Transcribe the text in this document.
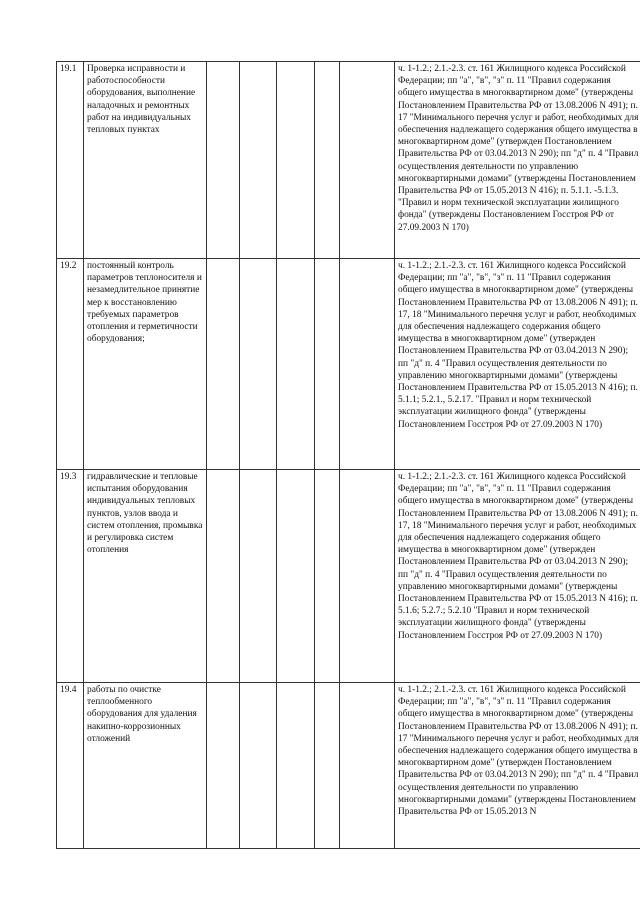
19.1	Проверка исправности и работоспособности оборудования, выполнение наладочных и ремонтных работ на индивидуальных тепловых пунктах						ч. 1-1.2.; 2.1.-2.3. ст. 161 Жилищного кодекса Российской Федерации; пп "а", "в", "з" п. 11 "Правил содержания общего имущества в многоквартирном доме" (утверждены Постановлением Правительства РФ от 13.08.2006 N 491); п. 17 "Минимального перечня услуг и работ, необходимых для обеспечения надлежащего содержания общего имущества в многоквартирном доме" (утвержден Постановлением Правительства РФ от 03.04.2013 N 290); пп "д" п. 4 "Правил осуществления деятельности по управлению многоквартирными домами" (утверждены Постановлением Правительства РФ от 15.05.2013 N 416); п. 5.1.1. -5.1.3. "Правил и норм технической эксплуатации жилищного фонда" (утверждены Постановлением Госстроя РФ от 27.09.2003 N 170)
19.2	постоянный контроль параметров теплоносителя и незамедлительное принятие мер к восстановлению требуемых параметров отопления и герметичности оборудования;						ч. 1-1.2.; 2.1.-2.3. ст. 161 Жилищного кодекса Российской Федерации; пп "а", "в", "з" п. 11 "Правил содержания общего имущества в многоквартирном доме" (утверждены Постановлением Правительства РФ от 13.08.2006 N 491); п. 17, 18 "Минимального перечня услуг и работ, необходимых для обеспечения надлежащего содержания общего имущества в многоквартирном доме" (утвержден Постановлением Правительства РФ от 03.04.2013 N 290); пп "д" п. 4 "Правил осуществления деятельности по управлению многоквартирными домами" (утверждены Постановлением Правительства РФ от 15.05.2013 N 416); п. 5.1.1; 5.2.1., 5.2.17. "Правил и норм технической эксплуатации жилищного фонда" (утверждены Постановлением Госстроя РФ от 27.09.2003 N 170)
19.3	гидравлические и тепловые испытания оборудования индивидуальных тепловых пунктов, узлов ввода и систем отопления, промывка и регулировка систем отопления						ч. 1-1.2.; 2.1.-2.3. ст. 161 Жилищного кодекса Российской Федерации; пп "а", "в", "з" п. 11 "Правил содержания общего имущества в многоквартирном доме" (утверждены Постановлением Правительства РФ от 13.08.2006 N 491); п. 17, 18 "Минимального перечня услуг и работ, необходимых для обеспечения надлежащего содержания общего имущества в многоквартирном доме" (утвержден Постановлением Правительства РФ от 03.04.2013 N 290); пп "д" п. 4 "Правил осуществления деятельности по управлению многоквартирными домами" (утверждены Постановлением Правительства РФ от 15.05.2013 N 416); п. 5.1.6; 5.2.7.; 5.2.10 "Правил и норм технической эксплуатации жилищного фонда" (утверждены Постановлением Госстроя РФ от 27.09.2003 N 170)
19.4	работы по очистке теплообменного оборудования для удаления накипно-коррозионных отложений						ч. 1-1.2.; 2.1.-2.3. ст. 161 Жилищного кодекса Российской Федерации; пп "а", "в", "з" п. 11 "Правил содержания общего имущества в многоквартирном доме" (утверждены Постановлением Правительства РФ от 13.08.2006 N 491); п. 17 "Минимального перечня услуг и работ, необходимых для обеспечения надлежащего содержания общего имущества в многоквартирном доме" (утвержден Постановлением Правительства РФ от 03.04.2013 N 290); пп "д" п. 4 "Правил осуществления деятельности по управлению многоквартирными домами" (утверждены Постановлением Правительства РФ от 15.05.2013 N
